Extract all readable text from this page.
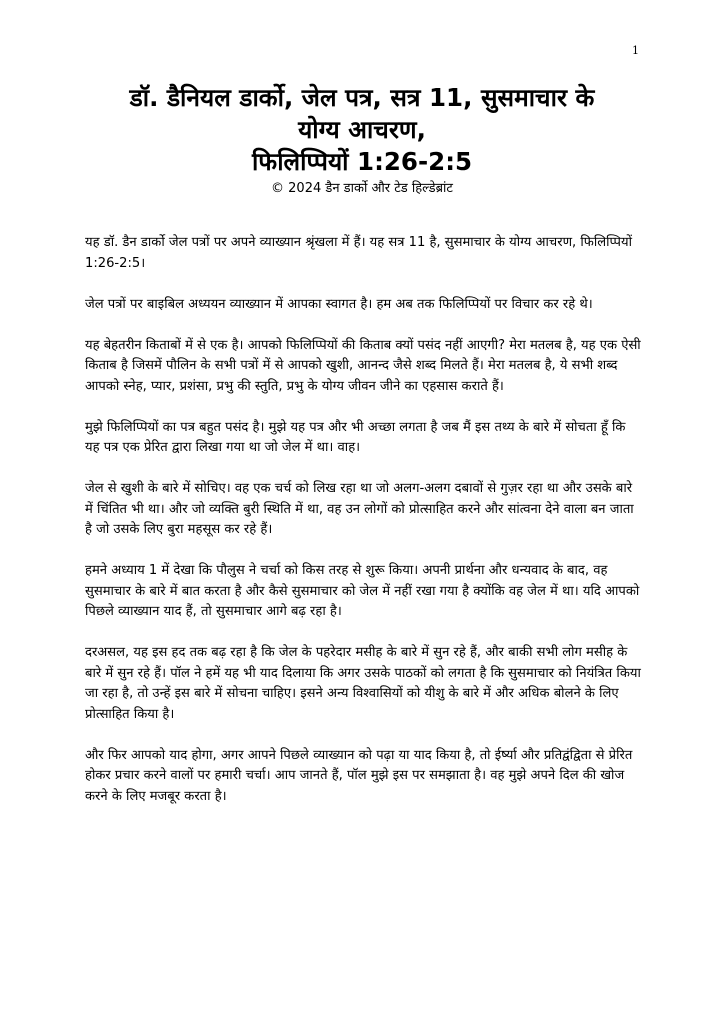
1
डॉ. डैनियल डार्को, जेल पत्र, सत्र 11, सुसमाचार के
योग्य आचरण,
फिलिप्पियों 1:26-2:5
© 2024 डैन डार्को और टेड हिल्डेब्रांट

यह डॉ. डैन डार्को जेल पत्रों पर अपने व्याख्यान श्रृंखला में हैं। यह सत्र 11 है, सुसमाचार के योग्य आचरण, फिलिप्पियों 1:26-2:5।

जेल पत्रों पर बाइबिल अध्ययन व्याख्यान में आपका स्वागत है। हम अब तक फिलिप्पियों पर विचार कर रहे थे।

यह बेहतरीन किताबों में से एक है। आपको फिलिप्पियों की किताब क्यों पसंद नहीं आएगी? मेरा मतलब है, यह एक ऐसी किताब है जिसमें पौलिन के सभी पत्रों में से आपको खुशी, आनन्द जैसे शब्द मिलते हैं। मेरा मतलब है, ये सभी शब्द आपको स्नेह, प्यार, प्रशंसा, प्रभु की स्तुति, प्रभु के योग्य जीवन जीने का एहसास कराते हैं।

मुझे फिलिप्पियों का पत्र बहुत पसंद है। मुझे यह पत्र और भी अच्छा लगता है जब मैं इस तथ्य के बारे में सोचता हूँ कि यह पत्र एक प्रेरित द्वारा लिखा गया था जो जेल में था। वाह।

जेल से खुशी के बारे में सोचिए। वह एक चर्च को लिख रहा था जो अलग-अलग दबावों से गुज़र रहा था और उसके बारे में चिंतित भी था। और जो व्यक्ति बुरी स्थिति में था, वह उन लोगों को प्रोत्साहित करने और सांत्वना देने वाला बन जाता है जो उसके लिए बुरा महसूस कर रहे हैं।

हमने अध्याय 1 में देखा कि पौलुस ने चर्चा को किस तरह से शुरू किया। अपनी प्रार्थना और धन्यवाद के बाद, वह सुसमाचार के बारे में बात करता है और कैसे सुसमाचार को जेल में नहीं रखा गया है क्योंकि वह जेल में था। यदि आपको पिछले व्याख्यान याद हैं, तो सुसमाचार आगे बढ़ रहा है।

दरअसल, यह इस हद तक बढ़ रहा है कि जेल के पहरेदार मसीह के बारे में सुन रहे हैं, और बाकी सभी लोग मसीह के बारे में सुन रहे हैं। पॉल ने हमें यह भी याद दिलाया कि अगर उसके पाठकों को लगता है कि सुसमाचार को नियंत्रित किया जा रहा है, तो उन्हें इस बारे में सोचना चाहिए। इसने अन्य विश्वासियों को यीशु के बारे में और अधिक बोलने के लिए प्रोत्साहित किया है।

और फिर आपको याद होगा, अगर आपने पिछले व्याख्यान को पढ़ा या याद किया है, तो ईर्ष्या और प्रतिद्वंद्विता से प्रेरित होकर प्रचार करने वालों पर हमारी चर्चा। आप जानते हैं, पॉल मुझे इस पर समझाता है। वह मुझे अपने दिल की खोज करने के लिए मजबूर करता है।
